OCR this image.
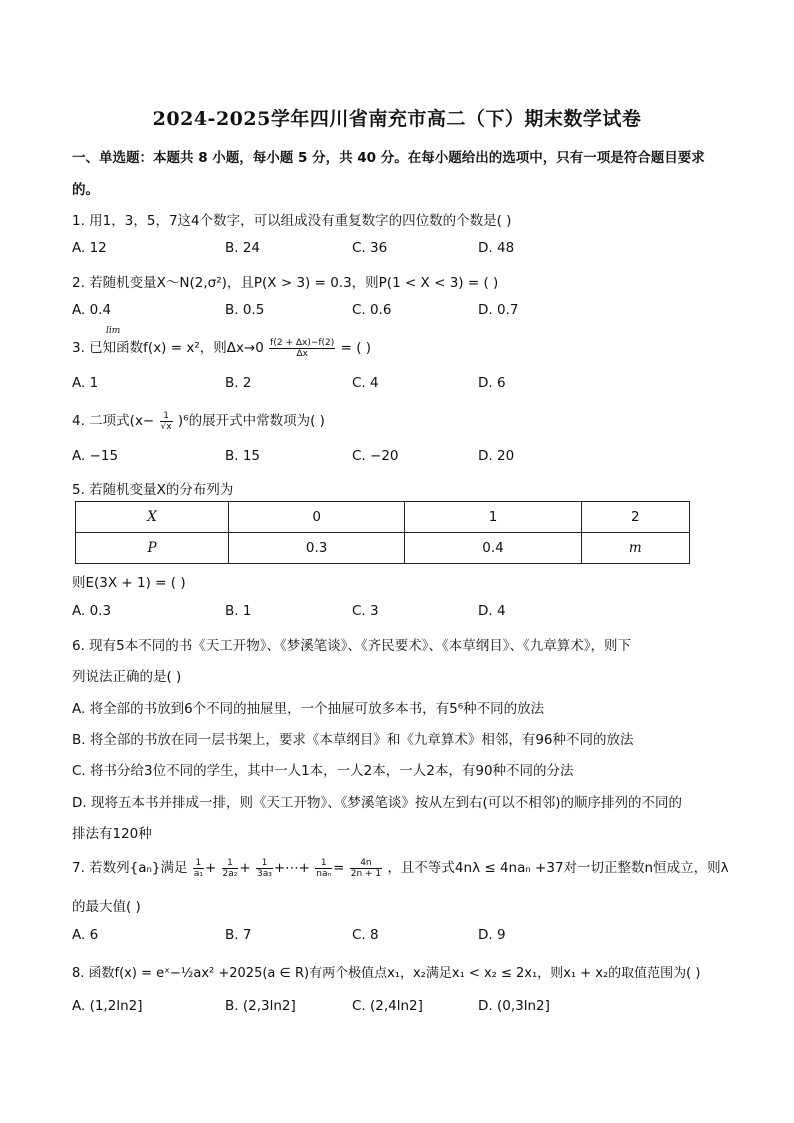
2024-2025学年四川省南充市高二（下）期末数学试卷
一、单选题：本题共 8 小题，每小题 5 分，共 40 分。在每小题给出的选项中，只有一项是符合题目要求
的。
1. 用1，3，5，7这4个数字，可以组成没有重复数字的四位数的个数是( )
A. 12	B. 24	C. 36	D. 48
2. 若随机变量X～N(2,σ²)，且P(X > 3) = 0.3，则P(1 < X < 3) = ( )
A. 0.4	B. 0.5	C. 0.6	D. 0.7
3. 已知函数f(x) = x²，则Δx→0
lim

$\frac{f(2 + \Delta x)-f(2)}{\Delta x}$ = ( )
A. 1	B. 2	C. 4	D. 6
4. 二项式$(x- \frac{1}{√x} )^6$的展开式中常数项为( )
A. −15	B. 15	C. −20	D. 20
5. 若随机变量X的分布列为
X	0	1	2
P	0.3	0.4	m
则E(3X + 1) = ( )
A. 0.3	B. 1	C. 3	D. 4
6. 现有5本不同的书《天工开物》、《梦溪笔谈》、《齐民要术》、《本草纲目》、《九章算术》，则下
列说法正确的是( )
A. 将全部的书放到6个不同的抽屉里，一个抽屉可放多本书，有5⁶种不同的放法
B. 将全部的书放在同一层书架上，要求《本草纲目》和《九章算术》相邻，有96种不同的放法
C. 将书分给3位不同的学生，其中一人1本，一人2本，一人2本，有90种不同的分法
D. 现将五本书并排成一排，则《天工开物》、《梦溪笔谈》按从左到右(可以不相邻)的顺序排列的不同的
排法有120种
7. 若数列{aₙ}满足 $\frac{1}{\text{a₁}} + \frac{1}{\text{2a₂}} + \frac{1}{\text{3a₃}}$ +⋯+ $\frac{1}{\text{naₙ}} = \frac{4n}{2n + 1}$ ，且不等式4nλ ≤ 4naₙ +37对一切正整数n恒成立，则λ
的最大值( )
A. 6	B. 7	C. 8	D. 9
8. 函数f(x) = eˣ−½ax² +2025(a ∈ R)有两个极值点x₁，x₂满足x₁ < x₂ ≤ 2x₁，则x₁ + x₂的取值范围为( )
A. (1,2ln2]	B. (2,3ln2]	C. (2,4ln2]	D. (0,3ln2]
